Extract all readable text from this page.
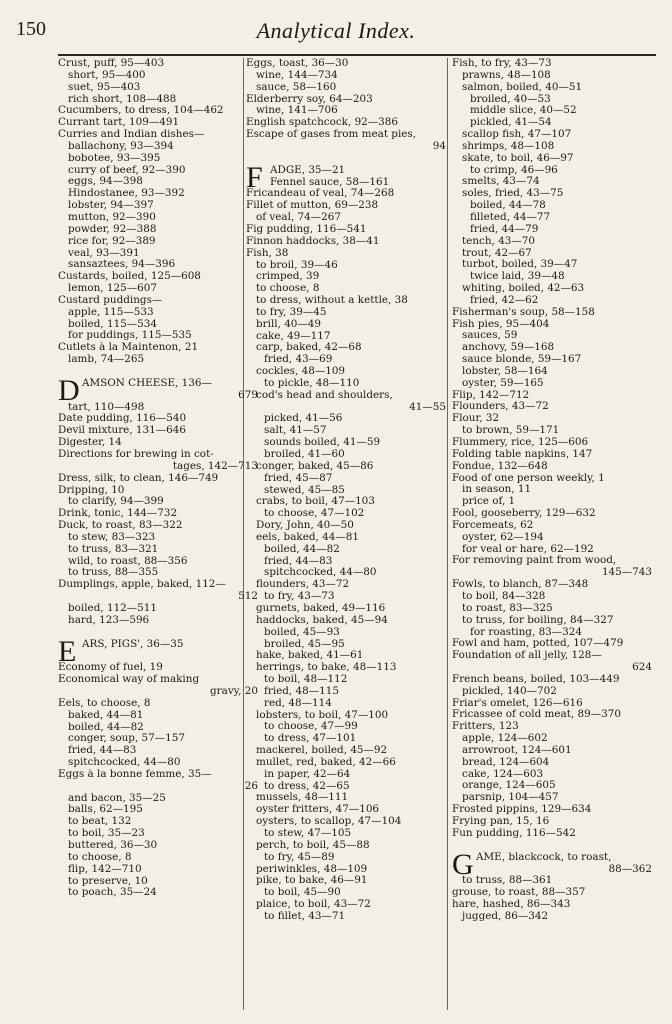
150	Analytical Index.
Crust, puff, 95—403
short, 95—400
suet, 95—403
rich short, 108—488
Cucumbers, to dress, 104—462
Currant tart, 109—491
Curries and Indian dishes—
ballachony, 93—394
bobotee, 93—395
curry of beef, 92—390
eggs, 94—398
Hindostanee, 93—392
lobster, 94—397
mutton, 92—390
powder, 92—388
rice for, 92—389
veal, 93—391
sansaztees, 94—396
Custards, boiled, 125—608
lemon, 125—607
Custard puddings—
apple, 115—533
boiled, 115—534
for puddings, 115—535
Cutlets à la Maintenon, 21
lamb, 74—265
D AMSON CHEESE, 136—
679
tart, 110—498
Date pudding, 116—540
Devil mixture, 131—646
Digester, 14
Directions for brewing in cot-
tages, 142—713
Dress, silk, to clean, 146—749
Dripping, 10
to clarify, 94—399
Drink, tonic, 144—732
Duck, to roast, 83—322
to stew, 83—323
to truss, 83—321
wild, to roast, 88—356
to truss, 88—355
Dumplings, apple, baked, 112—
512
boiled, 112—511
hard, 123—596
E ARS, PIGS', 36—35

Economy of fuel, 19
Economical way of making
gravy, 20
Eels, to choose, 8
baked, 44—81
boiled, 44—82
conger, soup, 57—157
fried, 44—83
spitchcocked, 44—80
Eggs à la bonne femme, 35—
26
and bacon, 35—25
balls, 62—195
to beat, 132
to boil, 35—23
buttered, 36—30
to choose, 8
flip, 142—710
to preserve, 10
to poach, 35—24
Eggs, toast, 36—30
wine, 144—734
sauce, 58—160
Elderberry soy, 64—203
wine, 141—706
English spatchcock, 92—386
Escape of gases from meat pies,
94
F ADGE, 35—21
Fennel sauce, 58—161
Fricandeau of veal, 74—268
Fillet of mutton, 69—238
of veal, 74—267
Fig pudding, 116—541
Finnon haddocks, 38—41
Fish, 38
to broil, 39—46
crimped, 39
to choose, 8
to dress, without a kettle, 38
to fry, 39—45
brill, 40—49
cake, 49—117
carp, baked, 42—68
fried, 43—69
cockles, 48—109
to pickle, 48—110
cod's head and shoulders,
41—55
picked, 41—56
salt, 41—57
sounds boiled, 41—59
broiled, 41—60
conger, baked, 45—86
fried, 45—87
stewed, 45—85
crabs, to boil, 47—103
to choose, 47—102
Dory, John, 40—50
eels, baked, 44—81
boiled, 44—82
fried, 44—83
spitchcocked, 44—80
flounders, 43—72
to fry, 43—73
gurnets, baked, 49—116
haddocks, baked, 45—94
boiled, 45—93
broiled, 45—95
hake, baked, 41—61
herrings, to bake, 48—113
to boil, 48—112
fried, 48—115
red, 48—114
lobsters, to boil, 47—100
to choose, 47—99
to dress, 47—101
mackerel, boiled, 45—92
mullet, red, baked, 42—66
in paper, 42—64
to dress, 42—65
mussels, 48—111
oyster fritters, 47—106
oysters, to scallop, 47—104
to stew, 47—105
perch, to boil, 45—88
to fry, 45—89
periwinkles, 48—109
pike, to bake, 46—91
to boil, 45—90
plaice, to boil, 43—72
to fillet, 43—71
Fish, to fry, 43—73
prawns, 48—108
salmon, boiled, 40—51
broiled, 40—53
middle slice, 40—52
pickled, 41—54
scallop fish, 47—107
shrimps, 48—108
skate, to boil, 46—97
to crimp, 46—96
smelts, 43—74
soles, fried, 43—75
boiled, 44—78
filleted, 44—77
fried, 44—79
tench, 43—70
trout, 42—67
turbot, boiled, 39—47
twice laid, 39—48
whiting, boiled, 42—63
fried, 42—62
Fisherman's soup, 58—158
Fish pies, 95—404
sauces, 59
anchovy, 59—168
sauce blonde, 59—167
lobster, 58—164
oyster, 59—165
Flip, 142—712
Flounders, 43—72
Flour, 32
to brown, 59—171
Flummery, rice, 125—606
Folding table napkins, 147
Fondue, 132—648
Food of one person weekly, 1
in season, 11
price of, 1
Fool, gooseberry, 129—632
Forcemeats, 62
oyster, 62—194
for veal or hare, 62—192
For removing paint from wood,
145—743
Fowls, to blanch, 87—348
to boil, 84—328
to roast, 83—325
to truss, for boiling, 84—327
for roasting, 83—324
Fowl and ham, potted, 107—479
Foundation of all jelly, 128—
624
French beans, boiled, 103—449
pickled, 140—702
Friar's omelet, 126—616
Fricassee of cold meat, 89—370
Fritters, 123
apple, 124—602
arrowroot, 124—601
bread, 124—604
cake, 124—603
orange, 124—605
parsnip, 104—457
Frosted pippins, 129—634
Frying pan, 15, 16
Fun pudding, 116—542
G AME, blackcock, to roast,
88—362
to truss, 88—361
grouse, to roast, 88—357
hare, hashed, 86—343
jugged, 86—342
